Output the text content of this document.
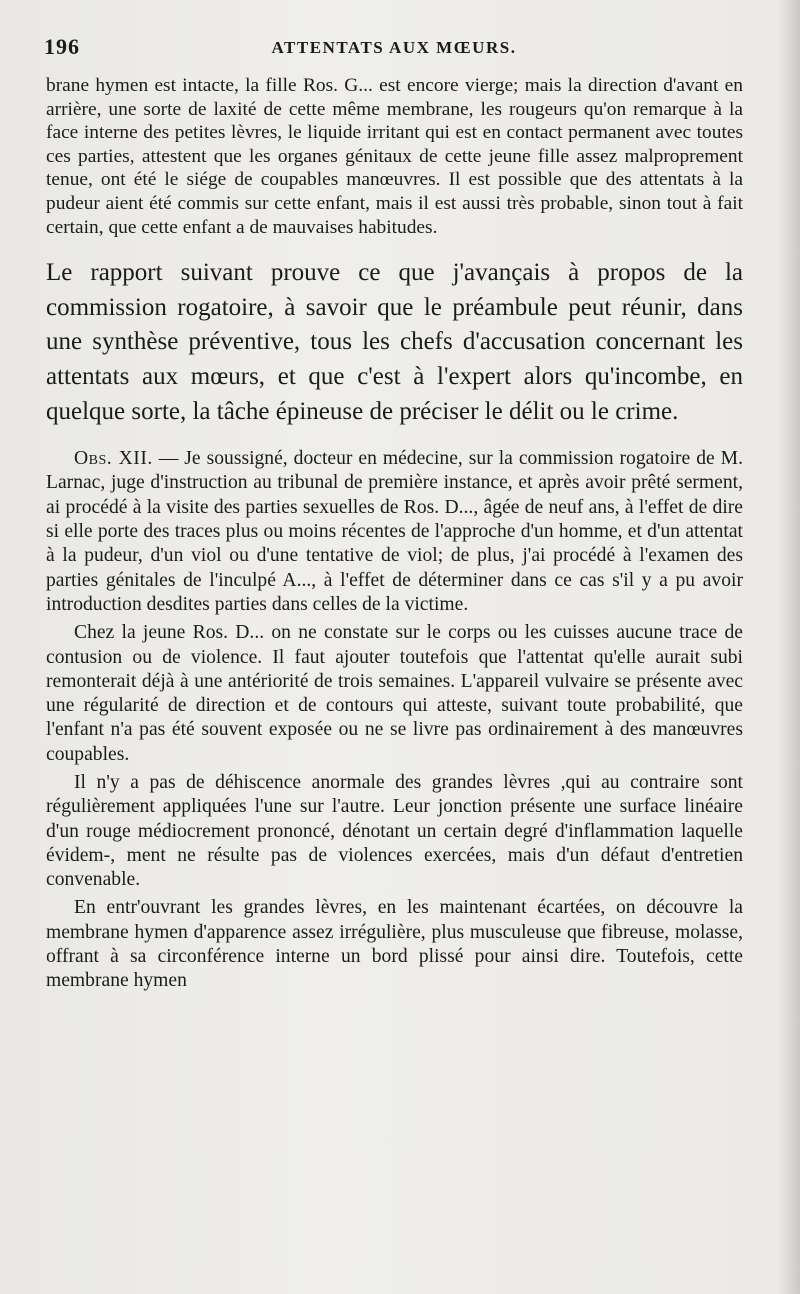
196	ATTENTATS AUX MŒURS.

brane hymen est intacte, la fille Ros. G... est encore vierge; mais la direction d'avant en arrière, une sorte de laxité de cette même membrane, les rougeurs qu'on remarque à la face interne des petites lèvres, le liquide irritant qui est en contact permanent avec toutes ces parties, attestent que les organes génitaux de cette jeune fille assez malproprement tenue, ont été le siége de coupables manœuvres. Il est possible que des attentats à la pudeur aient été commis sur cette enfant, mais il est aussi très probable, sinon tout à fait certain, que cette enfant a de mauvaises habitudes.

Le rapport suivant prouve ce que j'avançais à propos de la commission rogatoire, à savoir que le préambule peut réunir, dans une synthèse préventive, tous les chefs d'accusation concernant les attentats aux mœurs, et que c'est à l'expert alors qu'incombe, en quelque sorte, la tâche épineuse de préciser le délit ou le crime.

Obs. XII. — Je soussigné, docteur en médecine, sur la commission rogatoire de M. Larnac, juge d'instruction au tribunal de première instance, et après avoir prêté serment, ai procédé à la visite des parties sexuelles de Ros. D..., âgée de neuf ans, à l'effet de dire si elle porte des traces plus ou moins récentes de l'approche d'un homme, et d'un attentat à la pudeur, d'un viol ou d'une tentative de viol; de plus, j'ai procédé à l'examen des parties génitales de l'inculpé A..., à l'effet de déterminer dans ce cas s'il y a pu avoir introduction desdites parties dans celles de la victime.

Chez la jeune Ros. D... on ne constate sur le corps ou les cuisses aucune trace de contusion ou de violence. Il faut ajouter toutefois que l'attentat qu'elle aurait subi remonterait déjà à une antériorité de trois semaines. L'appareil vulvaire se présente avec une régularité de direction et de contours qui atteste, suivant toute probabilité, que l'enfant n'a pas été souvent exposée ou ne se livre pas ordinairement à des manœuvres coupables.

Il n'y a pas de déhiscence anormale des grandes lèvres ,qui au contraire sont régulièrement appliquées l'une sur l'autre. Leur jonction présente une surface linéaire d'un rouge médiocrement prononcé, dénotant un certain degré d'inflammation laquelle évidem-, ment ne résulte pas de violences exercées, mais d'un défaut d'entretien convenable.

En entr'ouvrant les grandes lèvres, en les maintenant écartées, on découvre la membrane hymen d'apparence assez irrégulière, plus musculeuse que fibreuse, molasse, offrant à sa circonférence interne un bord plissé pour ainsi dire. Toutefois, cette membrane hymen
